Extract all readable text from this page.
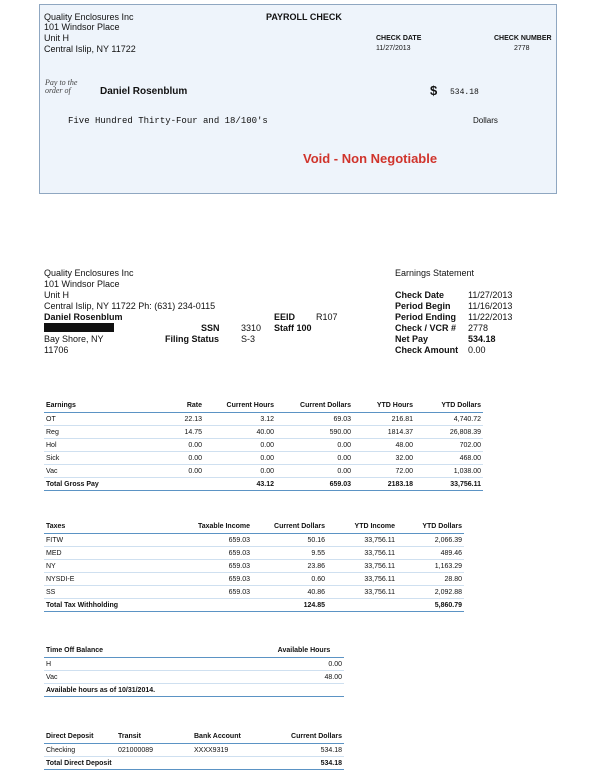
Quality Enclosures Inc
101 Windsor Place
Unit H
Central Islip, NY 11722
PAYROLL CHECK
CHECK DATE
11/27/2013
CHECK NUMBER
2778
Pay to the
order of	Daniel Rosenblum	$ 534.18
Five Hundred Thirty-Four and 18/100's	Dollars
Void - Non Negotiable
Quality Enclosures Inc
101 Windsor Place
Unit H
Central Islip, NY 11722 Ph: (631) 234-0115
Daniel Rosenblum
Bay Shore, NY
11706
SSN 3310
Filing Status S-3
EEID R107
Staff 100
Earnings Statement
Check Date	11/27/2013
Period Begin	11/16/2013
Period Ending	11/22/2013
Check / VCR #	2778
Net Pay	534.18
Check Amount	0.00
Earnings	Rate	Current Hours	Current Dollars	YTD Hours	YTD Dollars
OT	22.13	3.12	69.03	216.81	4,740.72
Reg	14.75	40.00	590.00	1814.37	26,808.39
Hol	0.00	0.00	0.00	48.00	702.00
Sick	0.00	0.00	0.00	32.00	468.00
Vac	0.00	0.00	0.00	72.00	1,038.00
Total Gross Pay		43.12	659.03	2183.18	33,756.11
Taxes	Taxable Income	Current Dollars	YTD Income	YTD Dollars
FITW	659.03	50.16	33,756.11	2,066.39
MED	659.03	9.55	33,756.11	489.46
NY	659.03	23.86	33,756.11	1,163.29
NYSDI-E	659.03	0.60	33,756.11	28.80
SS	659.03	40.86	33,756.11	2,092.88
Total Tax Withholding		124.85		5,860.79
Time Off Balance	Available Hours
H	0.00
Vac	48.00
Available hours as of 10/31/2014.	
Direct Deposit	Transit	Bank Account	Current Dollars
Checking	021000089	XXXX9319	534.18
Total Direct Deposit			534.18
